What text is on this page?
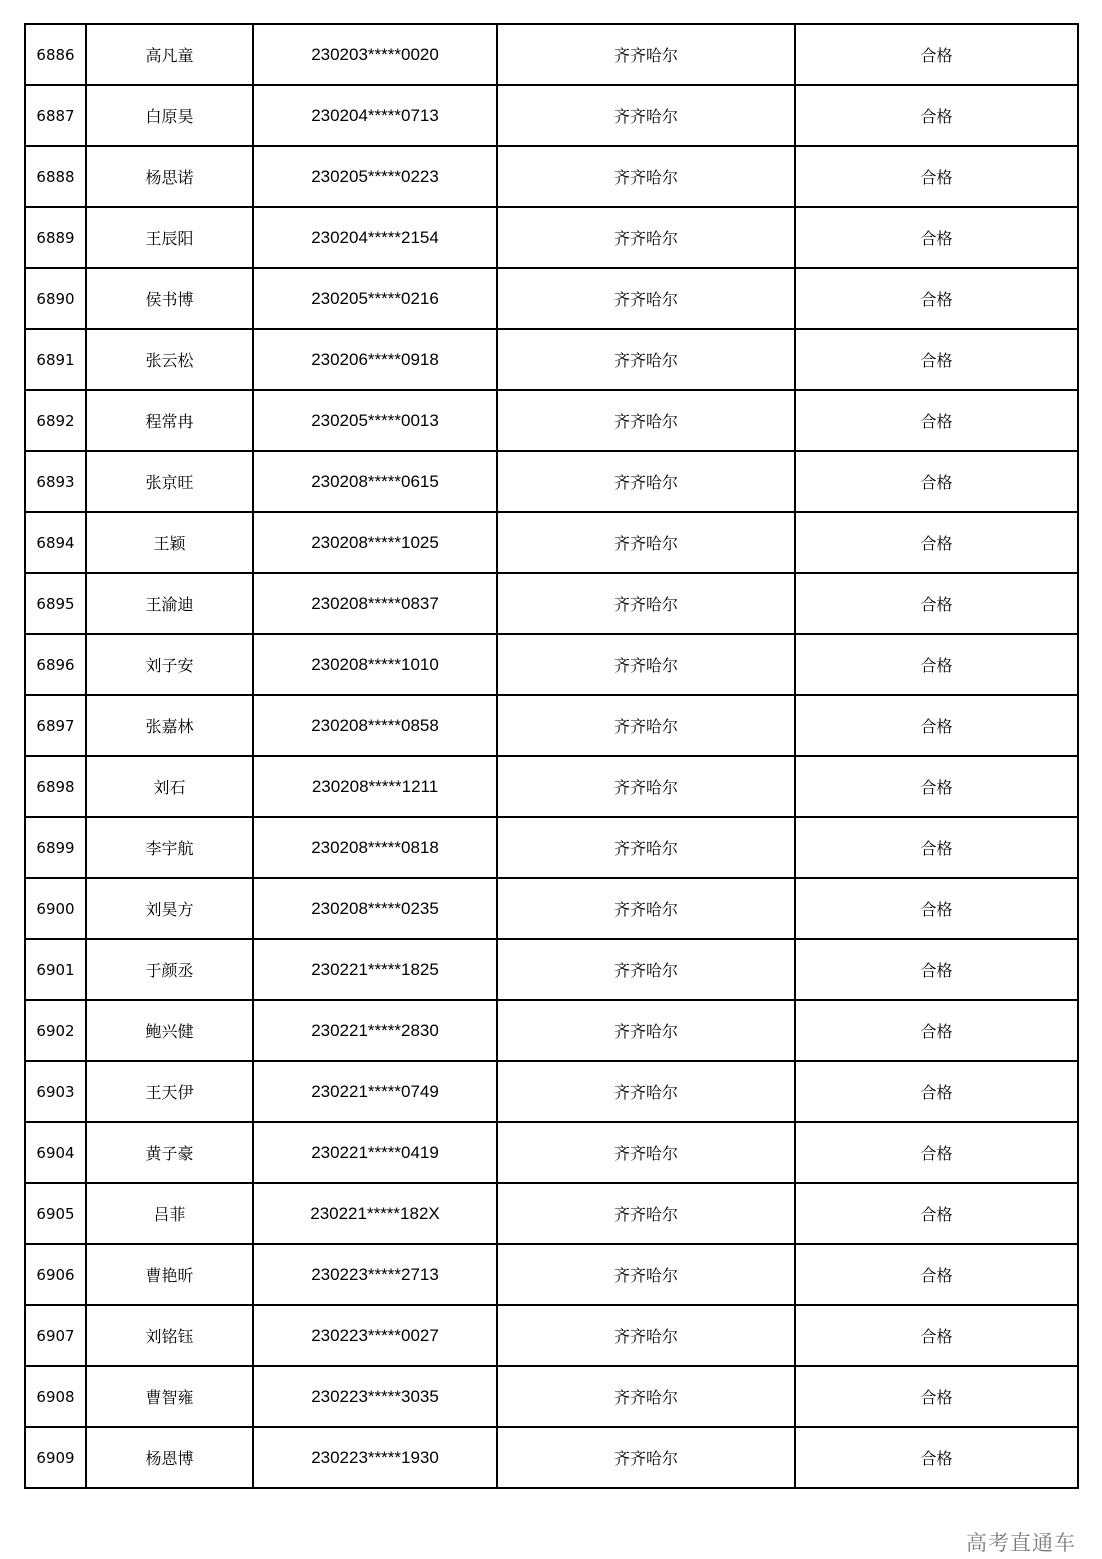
6886	高凡童	230203*****0020	齐齐哈尔	合格
6887	白原昊	230204*****0713	齐齐哈尔	合格
6888	杨思诺	230205*****0223	齐齐哈尔	合格
6889	王辰阳	230204*****2154	齐齐哈尔	合格
6890	侯书博	230205*****0216	齐齐哈尔	合格
6891	张云松	230206*****0918	齐齐哈尔	合格
6892	程常冉	230205*****0013	齐齐哈尔	合格
6893	张京旺	230208*****0615	齐齐哈尔	合格
6894	王颖	230208*****1025	齐齐哈尔	合格
6895	王渝迪	230208*****0837	齐齐哈尔	合格
6896	刘子安	230208*****1010	齐齐哈尔	合格
6897	张嘉林	230208*****0858	齐齐哈尔	合格
6898	刘石	230208*****1211	齐齐哈尔	合格
6899	李宇航	230208*****0818	齐齐哈尔	合格
6900	刘昊方	230208*****0235	齐齐哈尔	合格
6901	于颜丞	230221*****1825	齐齐哈尔	合格
6902	鲍兴健	230221*****2830	齐齐哈尔	合格
6903	王天伊	230221*****0749	齐齐哈尔	合格
6904	黄子豪	230221*****0419	齐齐哈尔	合格
6905	吕菲	230221*****182X	齐齐哈尔	合格
6906	曹艳昕	230223*****2713	齐齐哈尔	合格
6907	刘铭钰	230223*****0027	齐齐哈尔	合格
6908	曹智雍	230223*****3035	齐齐哈尔	合格
6909	杨恩博	230223*****1930	齐齐哈尔	合格
高考直通车
